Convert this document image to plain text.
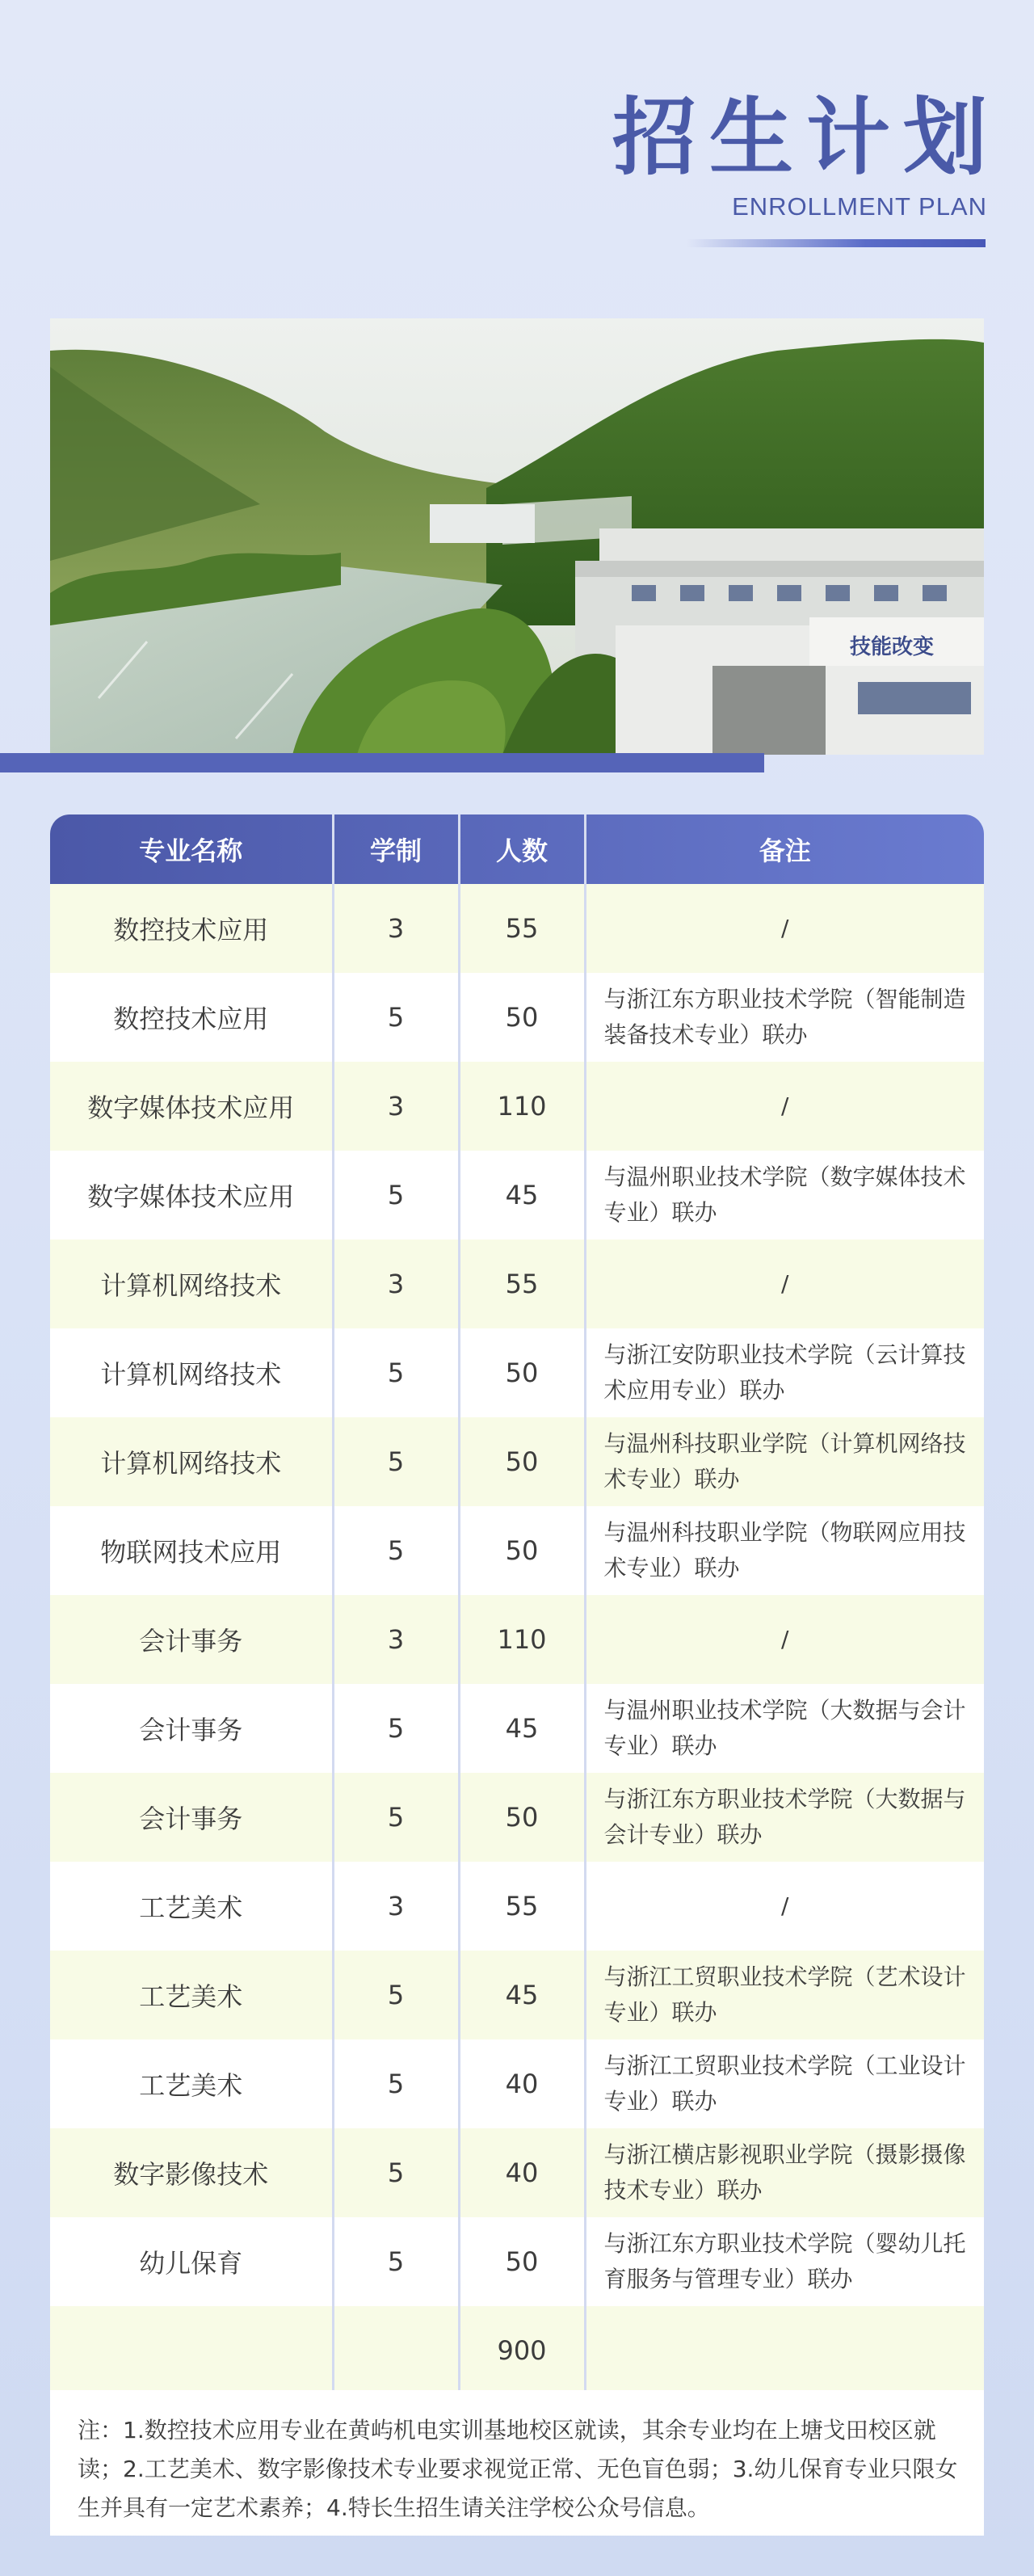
招生计划
ENROLLMENT PLAN
技能改变
专业名称	学制	人数	备注
数控技术应用	3	55	/
数控技术应用	5	50	与浙江东方职业技术学院（智能制造装备技术专业）联办
数字媒体技术应用	3	110	/
数字媒体技术应用	5	45	与温州职业技术学院（数字媒体技术专业）联办
计算机网络技术	3	55	/
计算机网络技术	5	50	与浙江安防职业技术学院（云计算技术应用专业）联办
计算机网络技术	5	50	与温州科技职业学院（计算机网络技术专业）联办
物联网技术应用	5	50	与温州科技职业学院（物联网应用技术专业）联办
会计事务	3	110	/
会计事务	5	45	与温州职业技术学院（大数据与会计专业）联办
会计事务	5	50	与浙江东方职业技术学院（大数据与会计专业）联办
工艺美术	3	55	/
工艺美术	5	45	与浙江工贸职业技术学院（艺术设计专业）联办
工艺美术	5	40	与浙江工贸职业技术学院（工业设计专业）联办
数字影像技术	5	40	与浙江横店影视职业学院（摄影摄像技术专业）联办
幼儿保育	5	50	与浙江东方职业技术学院（婴幼儿托育服务与管理专业）联办
		900	
注：1.数控技术应用专业在黄屿机电实训基地校区就读，其余专业均在上塘戈田校区就读；2.工艺美术、数字影像技术专业要求视觉正常、无色盲色弱；3.幼儿保育专业只限女生并具有一定艺术素养；4.特长生招生请关注学校公众号信息。
